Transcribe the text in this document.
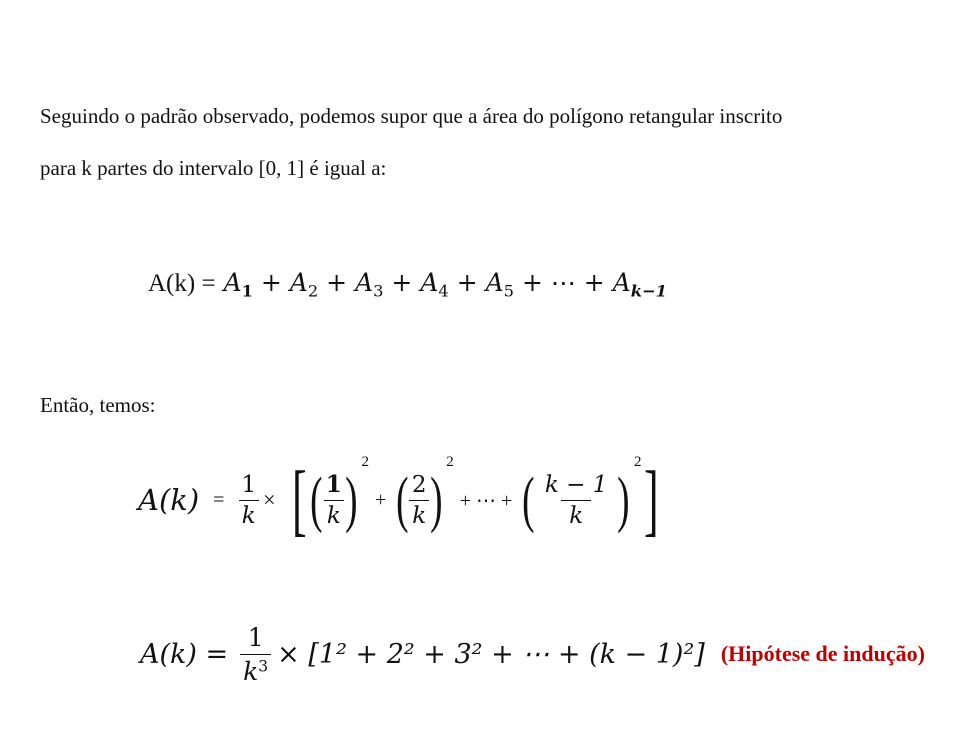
Seguindo o padrão observado, podemos supor que a área do polígono retangular inscrito
para k partes do intervalo [0, 1] é igual a:
$A(k) = A_1 + A_2 + A_3 + A_4 + A_5$ + ⋯ + $A_{k-1}$
Então, temos:
$A(k) = \frac{1}{k}$ × [ ( $\frac{1}{k}$ )
2
+ ( $\frac{2}{k}$ )
2
+ ⋯ + ( $\frac{k - 1}{k}$ )
2 ]
$A(k) = \frac{1}{k^3} \times [1^2 + 2^2 + 3^2$ + ⋯ + (k − 1)²] (Hipótese de indução)
